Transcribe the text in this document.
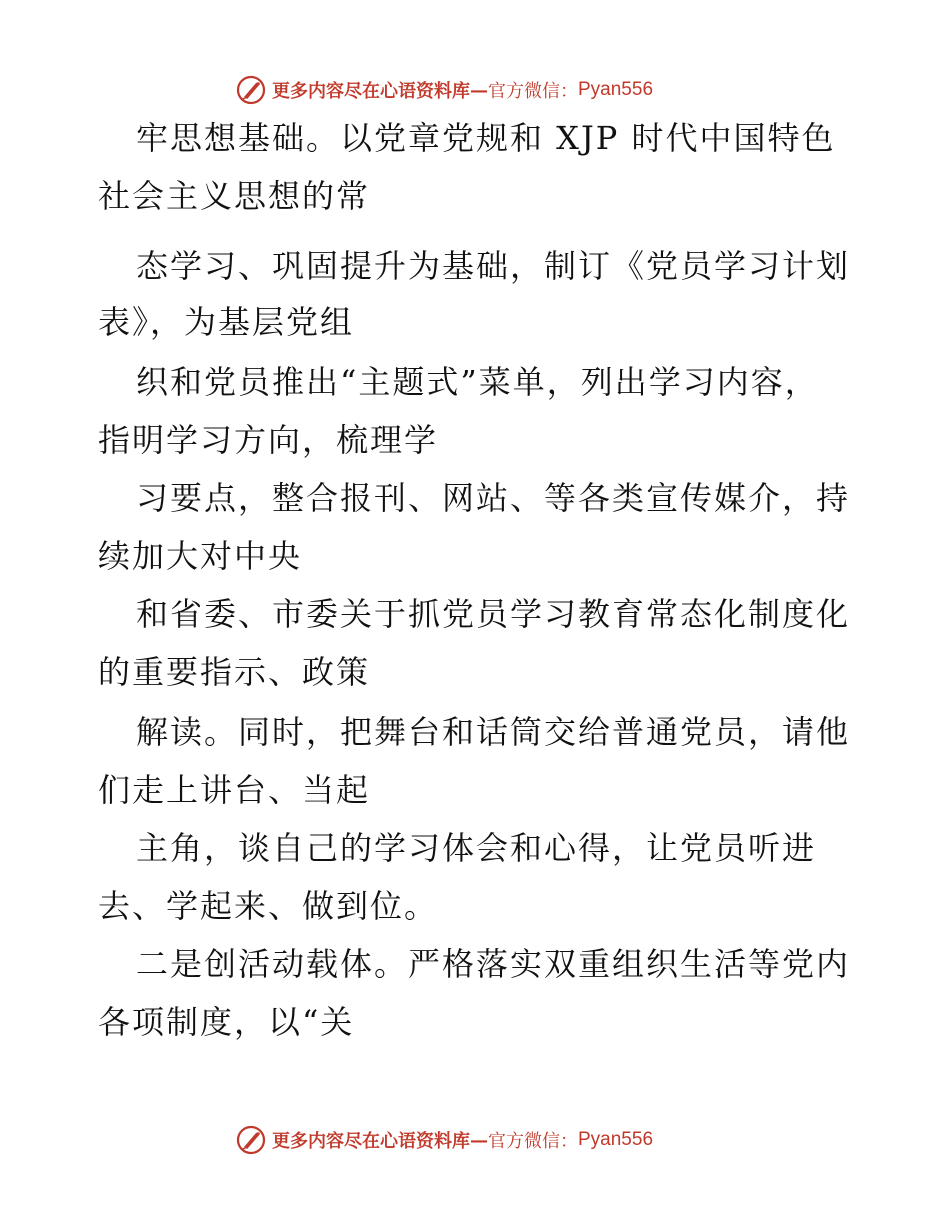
更多内容尽在心语资料库 — 官方微信： Pyan556
牢思想基础。以党章党规和 XJP 时代中国特色
社会主义思想的常
态学习、巩固提升为基础，制订《党员学习计划
表》，为基层党组
织和党员推出“主题式”菜单，列出学习内容，
指明学习方向，梳理学
习要点，整合报刊、网站、等各类宣传媒介，持
续加大对中央
和省委、市委关于抓党员学习教育常态化制度化
的重要指示、政策
解读。同时，把舞台和话筒交给普通党员，请他
们走上讲台、当起
主角，谈自己的学习体会和心得，让党员听进
去、学起来、做到位。
二是创活动载体。严格落实双重组织生活等党内
各项制度，以“关
更多内容尽在心语资料库 — 官方微信： Pyan556
